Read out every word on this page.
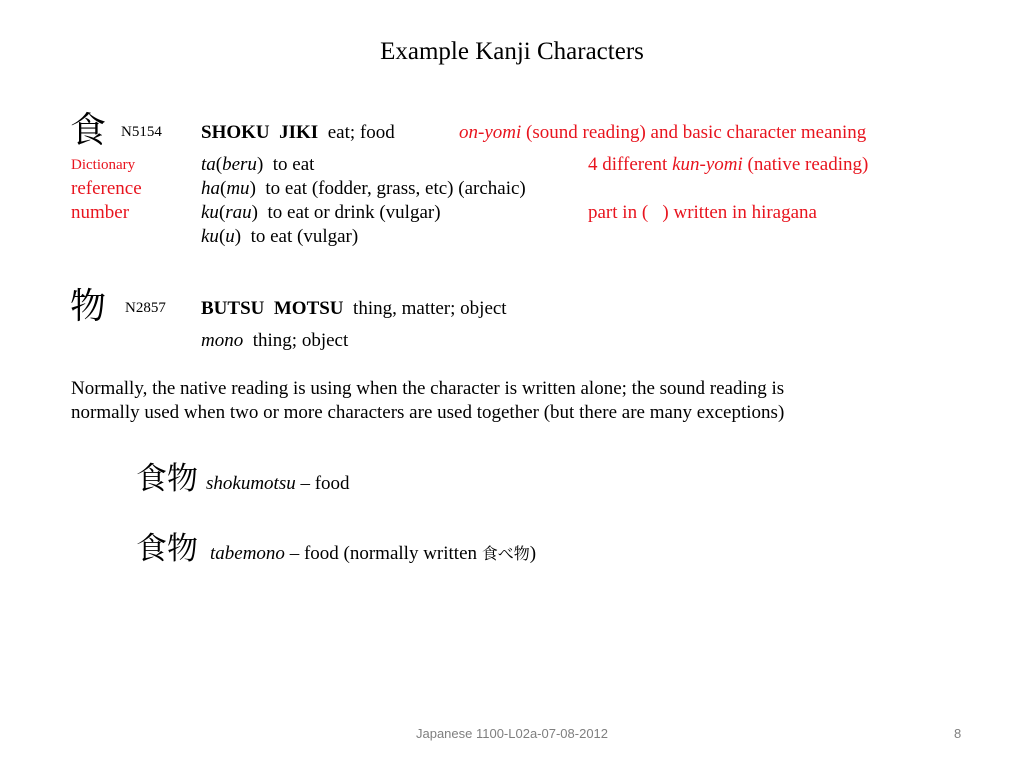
Example Kanji Characters
食 N5154 SHOKU JIKI eat; food	on-yomi (sound reading) and basic character meaning
Dictionary
reference
number
ta(beru)  to eat
ha(mu)  to eat (fodder, grass, etc) (archaic)
ku(rau)  to eat or drink (vulgar)
ku(u)  to eat (vulgar)
4 different kun-yomi (native reading)
part in (   ) written in hiragana
物 N2857 BUTSU MOTSU thing, matter; object
mono thing; object
Normally, the native reading is using when the character is written alone; the sound reading is
normally used when two or more characters are used together (but there are many exceptions)
食物 shokumotsu – food
食物 tabemono – food (normally written 食べ物)
Japanese 1100-L02a-07-08-2012	8
